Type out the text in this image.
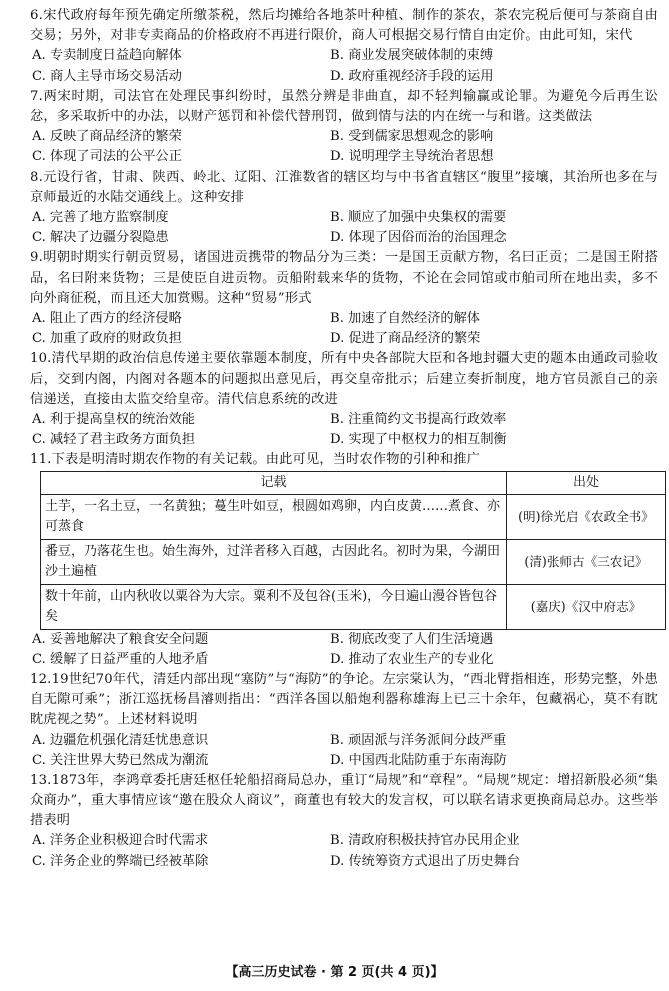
6.宋代政府每年预先确定所缴茶税，然后均摊给各地茶叶种植、制作的茶农，茶农完税后便可与茶商自由交易；另外，对非专卖商品的价格政府不再进行限价，商人可根据交易行情自由定价。由此可知，宋代
A. 专卖制度日益趋向解体	B. 商业发展突破体制的束缚
C. 商人主导市场交易活动	D. 政府重视经济手段的运用
7.两宋时期，司法官在处理民事纠纷时，虽然分辨是非曲直，却不轻判输赢或论罪。为避免今后再生讼忿，多采取折中的办法，以财产惩罚和补偿代替刑罚，做到情与法的内在统一与和谐。这类做法
A. 反映了商品经济的繁荣	B. 受到儒家思想观念的影响
C. 体现了司法的公平公正	D. 说明理学主导统治者思想
8.元设行省，甘肃、陕西、岭北、辽阳、江淮数省的辖区均与中书省直辖区“腹里”接壤，其治所也多在与京师最近的水陆交通线上。这种安排
A. 完善了地方监察制度	B. 顺应了加强中央集权的需要
C. 解决了边疆分裂隐患	D. 体现了因俗而治的治国理念
9.明朝时期实行朝贡贸易，诸国进贡携带的物品分为三类：一是国王贡献方物，名曰正贡；二是国王附搭品，名曰附来货物；三是使臣自进贡物。贡船附载来华的货物，不论在会同馆或市舶司所在地出卖，多不向外商征税，而且还大加赏赐。这种“贸易”形式
A. 阻止了西方的经济侵略	B. 加速了自然经济的解体
C. 加重了政府的财政负担	D. 促进了商品经济的繁荣
10.清代早期的政治信息传递主要依靠题本制度，所有中央各部院大臣和各地封疆大吏的题本由通政司验收后，交到内阁，内阁对各题本的问题拟出意见后，再交皇帝批示；后建立奏折制度，地方官员派自己的亲信递送，直接由太监交给皇帝。清代信息系统的改进
A. 利于提高皇权的统治效能	B. 注重简约文书提高行政效率
C. 减轻了君主政务方面负担	D. 实现了中枢权力的相互制衡
11.下表是明清时期农作物的有关记载。由此可见，当时农作物的引种和推广
记载	出处
土芋，一名土豆，一名黄独；蔓生叶如豆，根圆如鸡卵，内白皮黄……煮食、亦可蒸食	(明)徐光启《农政全书》
番豆，乃落花生也。始生海外，过洋者移入百越，古因此名。初时为果，今湖田沙土遍植	(清)张师古《三农记》
数十年前，山内秋收以粟谷为大宗。粟利不及包谷(玉米)，今日遍山漫谷皆包谷矣	(嘉庆)《汉中府志》
A. 妥善地解决了粮食安全问题	B. 彻底改变了人们生活境遇
C. 缓解了日益严重的人地矛盾	D. 推动了农业生产的专业化
12.19世纪70年代，清廷内部出现“塞防”与“海防”的争论。左宗棠认为，“西北臂指相连，形势完整，外患自无隙可乘”；浙江巡抚杨昌濬则指出：“西洋各国以船炮利器称雄海上已三十余年，包藏祸心，莫不有眈眈虎视之势”。上述材料说明
A. 边疆危机强化清廷忧患意识	B. 顽固派与洋务派间分歧严重
C. 关注世界大势已然成为潮流	D. 中国西北陆防重于东南海防
13.1873年，李鸿章委托唐廷枢任轮船招商局总办，重订“局规”和“章程”。“局规”规定：增招新股必须“集众商办”，重大事情应该“邀在股众人商议”，商董也有较大的发言权，可以联名请求更换商局总办。这些举措表明
A. 洋务企业积极迎合时代需求	B. 清政府积极扶持官办民用企业
C. 洋务企业的弊端已经被革除	D. 传统筹资方式退出了历史舞台
【高三历史试卷 · 第 2 页(共 4 页)】
